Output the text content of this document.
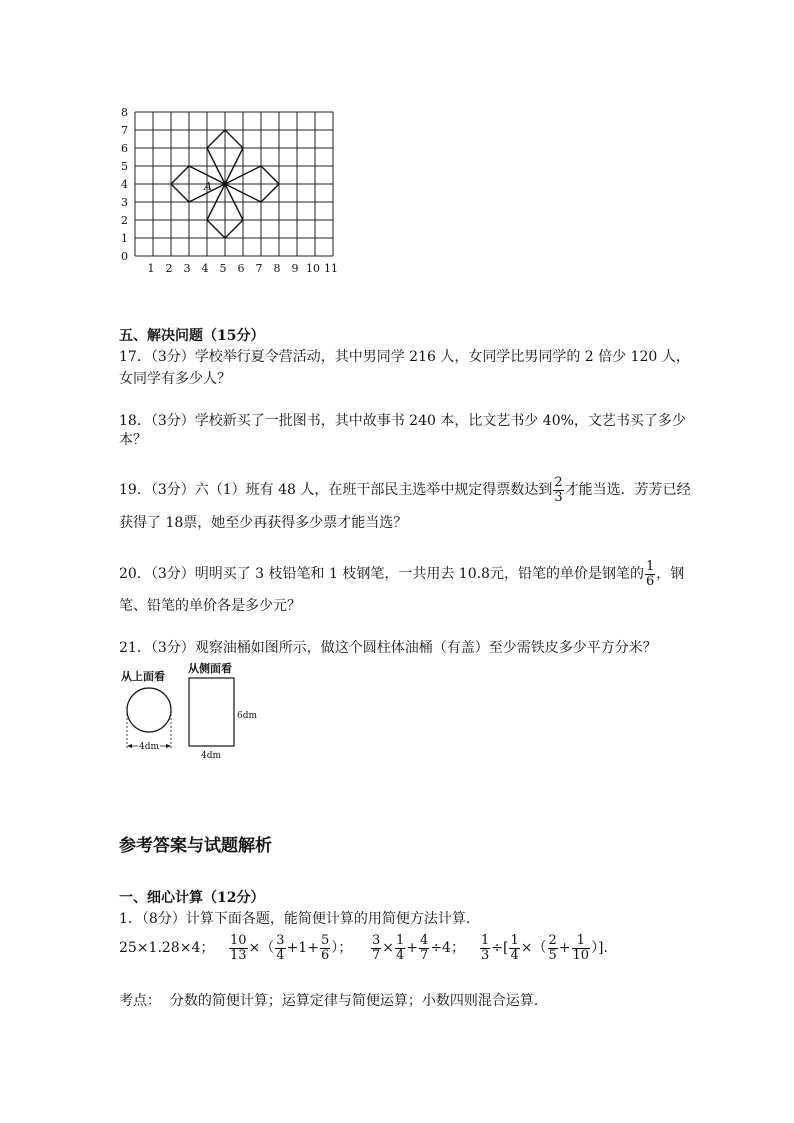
0
1
2
3
4
5
6
7
8
1 2 3 4 5 6 7 8 9 10 11
A
五、解决问题（15分）
17．（3分）学校举行夏令营活动，其中男同学 216 人，女同学比男同学的 2 倍少 120 人，
女同学有多少人？
18．（3分）学校新买了一批图书，其中故事书 240 本，比文艺书少 40%，文艺书买了多少
本？
19．（3分）六（1）班有 48 人，在班干部民主选举中规定得票数达到 $\frac{2}{3}$ 才能当选．芳芳已经
获得了 18票，她至少再获得多少票才能当选？
20．（3分）明明买了 3 枝铅笔和 1 枝钢笔，一共用去 10.8元，铅笔的单价是钢笔的 $\frac{1}{6}$ ，钢
笔、铅笔的单价各是多少元？
21．（3分）观察油桶如图所示，做这个圆柱体油桶（有盖）至少需铁皮多少平方分米？
从上面看
从侧面看
4dm
6dm
4dm
参考答案与试题解析
一、细心计算（12分）
1．（8分）计算下面各题，能简便计算的用简便方法计算．
25×1.28×4； $\frac{10}{13}$ ×（ $\frac{3}{4} +1+ \frac{5}{6}$ ）； $\frac{3}{7} \times \frac{1}{4} + \frac{4}{7} \div 4$； $\frac{1}{3}$ ÷[ $\frac{1}{4}$ ×（ $\frac{2}{5} + \frac{1}{10}$ ）]．
考点： 分数的简便计算；运算定律与简便运算；小数四则混合运算．
